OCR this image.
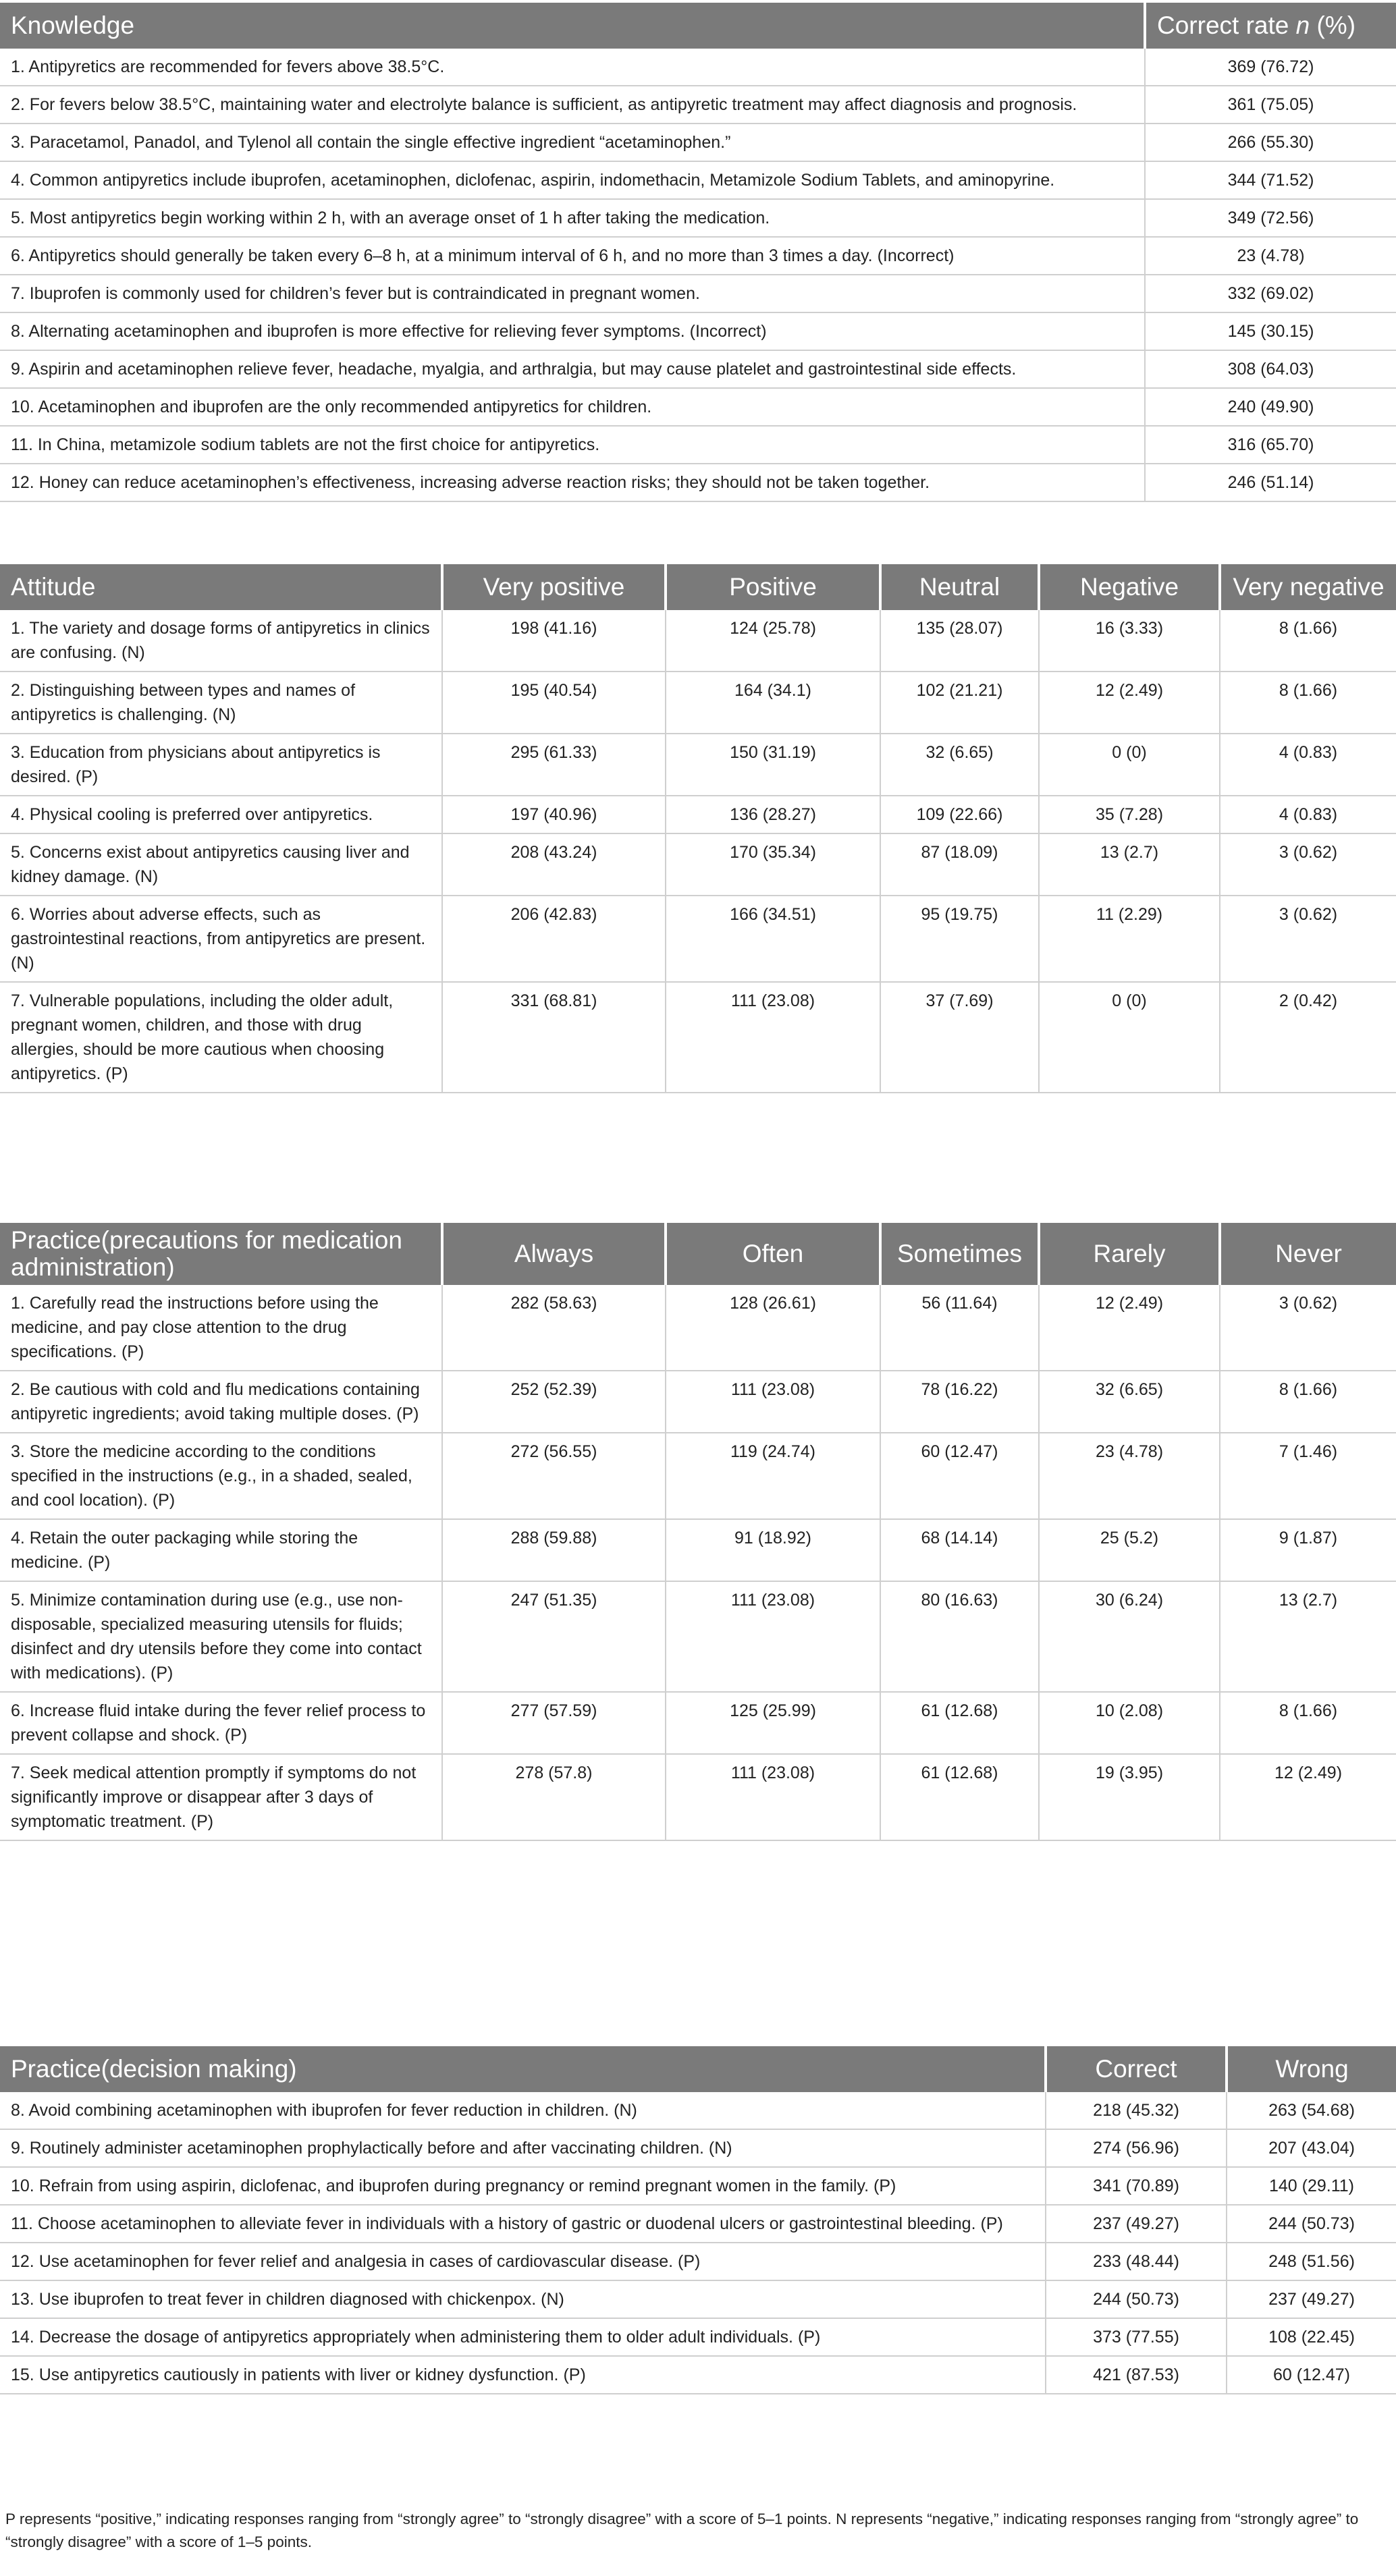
Knowledge	Correct rate n (%)
1. Antipyretics are recommended for fevers above 38.5°C.	369 (76.72)
2. For fevers below 38.5°C, maintaining water and electrolyte balance is sufficient, as antipyretic treatment may affect diagnosis and prognosis.	361 (75.05)
3. Paracetamol, Panadol, and Tylenol all contain the single effective ingredient “acetaminophen.”	266 (55.30)
4. Common antipyretics include ibuprofen, acetaminophen, diclofenac, aspirin, indomethacin, Metamizole Sodium Tablets, and aminopyrine.	344 (71.52)
5. Most antipyretics begin working within 2 h, with an average onset of 1 h after taking the medication.	349 (72.56)
6. Antipyretics should generally be taken every 6–8 h, at a minimum interval of 6 h, and no more than 3 times a day. (Incorrect)	23 (4.78)
7. Ibuprofen is commonly used for children’s fever but is contraindicated in pregnant women.	332 (69.02)
8. Alternating acetaminophen and ibuprofen is more effective for relieving fever symptoms. (Incorrect)	145 (30.15)
9. Aspirin and acetaminophen relieve fever, headache, myalgia, and arthralgia, but may cause platelet and gastrointestinal side effects.	308 (64.03)
10. Acetaminophen and ibuprofen are the only recommended antipyretics for children.	240 (49.90)
11. In China, metamizole sodium tablets are not the first choice for antipyretics.	316 (65.70)
12. Honey can reduce acetaminophen’s effectiveness, increasing adverse reaction risks; they should not be taken together.	246 (51.14)
Attitude	Very positive	Positive	Neutral	Negative	Very negative
1. The variety and dosage forms of antipyretics in clinics are confusing. (N)	198 (41.16)	124 (25.78)	135 (28.07)	16 (3.33)	8 (1.66)
2. Distinguishing between types and names of antipyretics is challenging. (N)	195 (40.54)	164 (34.1)	102 (21.21)	12 (2.49)	8 (1.66)
3. Education from physicians about antipyretics is desired. (P)	295 (61.33)	150 (31.19)	32 (6.65)	0 (0)	4 (0.83)
4. Physical cooling is preferred over antipyretics.	197 (40.96)	136 (28.27)	109 (22.66)	35 (7.28)	4 (0.83)
5. Concerns exist about antipyretics causing liver and kidney damage. (N)	208 (43.24)	170 (35.34)	87 (18.09)	13 (2.7)	3 (0.62)
6. Worries about adverse effects, such as gastrointestinal reactions, from antipyretics are present. (N)	206 (42.83)	166 (34.51)	95 (19.75)	11 (2.29)	3 (0.62)
7. Vulnerable populations, including the older adult, pregnant women, children, and those with drug allergies, should be more cautious when choosing antipyretics. (P)	331 (68.81)	111 (23.08)	37 (7.69)	0 (0)	2 (0.42)
Practice(precautions for medication administration)	Always	Often	Sometimes	Rarely	Never
1. Carefully read the instructions before using the medicine, and pay close attention to the drug specifications. (P)	282 (58.63)	128 (26.61)	56 (11.64)	12 (2.49)	3 (0.62)
2. Be cautious with cold and flu medications containing antipyretic ingredients; avoid taking multiple doses. (P)	252 (52.39)	111 (23.08)	78 (16.22)	32 (6.65)	8 (1.66)
3. Store the medicine according to the conditions specified in the instructions (e.g., in a shaded, sealed, and cool location). (P)	272 (56.55)	119 (24.74)	60 (12.47)	23 (4.78)	7 (1.46)
4. Retain the outer packaging while storing the medicine. (P)	288 (59.88)	91 (18.92)	68 (14.14)	25 (5.2)	9 (1.87)
5. Minimize contamination during use (e.g., use non-disposable, specialized measuring utensils for fluids; disinfect and dry utensils before they come into contact with medications). (P)	247 (51.35)	111 (23.08)	80 (16.63)	30 (6.24)	13 (2.7)
6. Increase fluid intake during the fever relief process to prevent collapse and shock. (P)	277 (57.59)	125 (25.99)	61 (12.68)	10 (2.08)	8 (1.66)
7. Seek medical attention promptly if symptoms do not significantly improve or disappear after 3 days of symptomatic treatment. (P)	278 (57.8)	111 (23.08)	61 (12.68)	19 (3.95)	12 (2.49)
Practice(decision making)	Correct	Wrong
8. Avoid combining acetaminophen with ibuprofen for fever reduction in children. (N)	218 (45.32)	263 (54.68)
9. Routinely administer acetaminophen prophylactically before and after vaccinating children. (N)	274 (56.96)	207 (43.04)
10. Refrain from using aspirin, diclofenac, and ibuprofen during pregnancy or remind pregnant women in the family. (P)	341 (70.89)	140 (29.11)
11. Choose acetaminophen to alleviate fever in individuals with a history of gastric or duodenal ulcers or gastrointestinal bleeding. (P)	237 (49.27)	244 (50.73)
12. Use acetaminophen for fever relief and analgesia in cases of cardiovascular disease. (P)	233 (48.44)	248 (51.56)
13. Use ibuprofen to treat fever in children diagnosed with chickenpox. (N)	244 (50.73)	237 (49.27)
14. Decrease the dosage of antipyretics appropriately when administering them to older adult individuals. (P)	373 (77.55)	108 (22.45)
15. Use antipyretics cautiously in patients with liver or kidney dysfunction. (P)	421 (87.53)	60 (12.47)
P represents “positive,” indicating responses ranging from “strongly agree” to “strongly disagree” with a score of 5–1 points. N represents “negative,” indicating responses ranging from “strongly agree” to “strongly disagree” with a score of 1–5 points.
